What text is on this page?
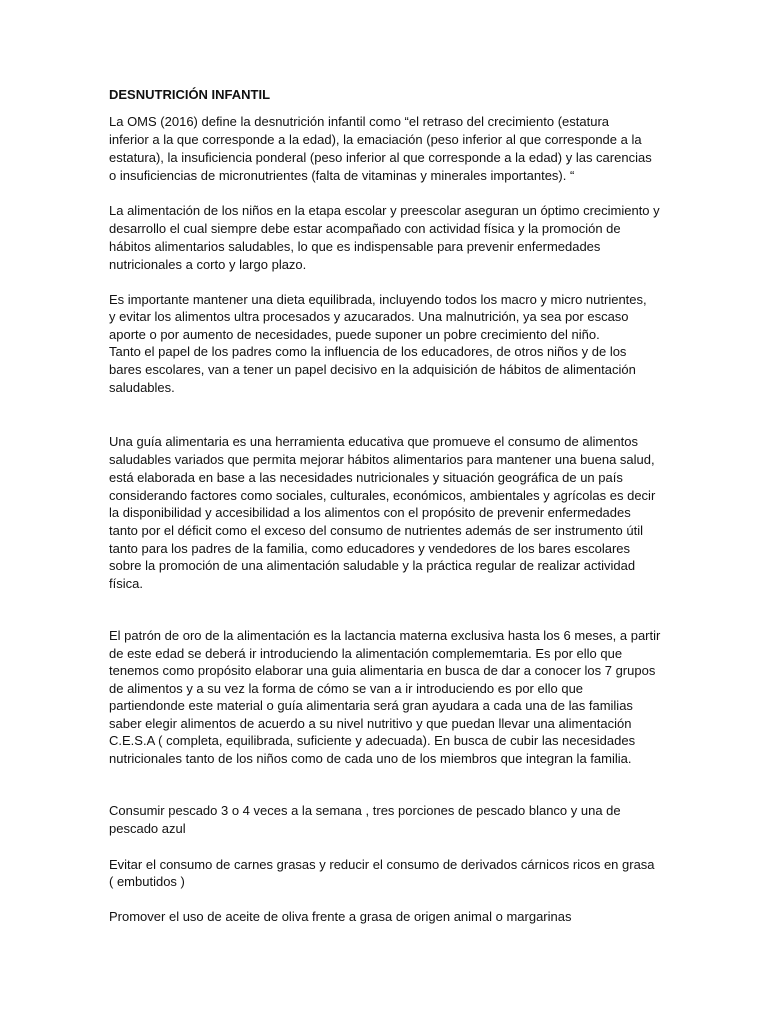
DESNUTRICIÓN INFANTIL

La OMS (2016) define la desnutrición infantil como “el retraso del crecimiento (estatura

inferior a la que corresponde a la edad), la emaciación (peso inferior al que corresponde a la

estatura), la insuficiencia ponderal (peso inferior al que corresponde a la edad) y las carencias

o insuficiencias de micronutrientes (falta de vitaminas y minerales importantes). “

La alimentación de los niños en la etapa escolar y preescolar aseguran un óptimo crecimiento y

desarrollo el cual siempre debe estar acompañado con actividad física y la promoción de

hábitos alimentarios saludables, lo que es indispensable para prevenir enfermedades

nutricionales a corto y largo plazo.

Es importante mantener una dieta equilibrada, incluyendo todos los macro y micro nutrientes,

y evitar los alimentos ultra procesados y azucarados. Una malnutrición, ya sea por escaso

aporte o por aumento de necesidades, puede suponer un pobre crecimiento del niño.

Tanto el papel de los padres como la influencia de los educadores, de otros niños y de los

bares escolares, van a tener un papel decisivo en la adquisición de hábitos de alimentación

saludables.

Una guía alimentaria es una herramienta educativa que promueve el consumo de alimentos

saludables variados que permita mejorar hábitos alimentarios para mantener una buena salud,

está elaborada en base a las necesidades nutricionales y situación geográfica de un país

considerando factores como sociales, culturales, económicos, ambientales y agrícolas es decir

la disponibilidad y accesibilidad a los alimentos con el propósito de prevenir enfermedades

tanto por el déficit como el exceso del consumo de nutrientes además de ser instrumento útil

tanto para los padres de la familia, como educadores y vendedores de los bares escolares

sobre la promoción de una alimentación saludable y la práctica regular de realizar actividad

física.

El patrón de oro de la alimentación es la lactancia materna exclusiva hasta los 6 meses, a partir

de este edad se deberá ir introduciendo la alimentación complememtaria. Es por ello que

tenemos como propósito elaborar una guia alimentaria en busca de dar a conocer los 7 grupos

de alimentos y a su vez la forma de cómo se van a ir introduciendo es por ello que

partiendonde este material o guía alimentaria será gran ayudara a cada una de las familias

saber elegir alimentos de acuerdo a su nivel nutritivo y que puedan llevar una alimentación

C.E.S.A ( completa, equilibrada, suficiente y adecuada). En busca de cubir las necesidades

nutricionales tanto de los niños como de cada uno de los miembros que integran la familia.

Consumir pescado 3 o 4 veces a la semana , tres porciones de pescado blanco y una de

pescado azul

Evitar el consumo de carnes grasas y reducir el consumo de derivados cárnicos ricos en grasa

( embutidos )

Promover el uso de aceite de oliva frente a grasa de origen animal o margarinas
